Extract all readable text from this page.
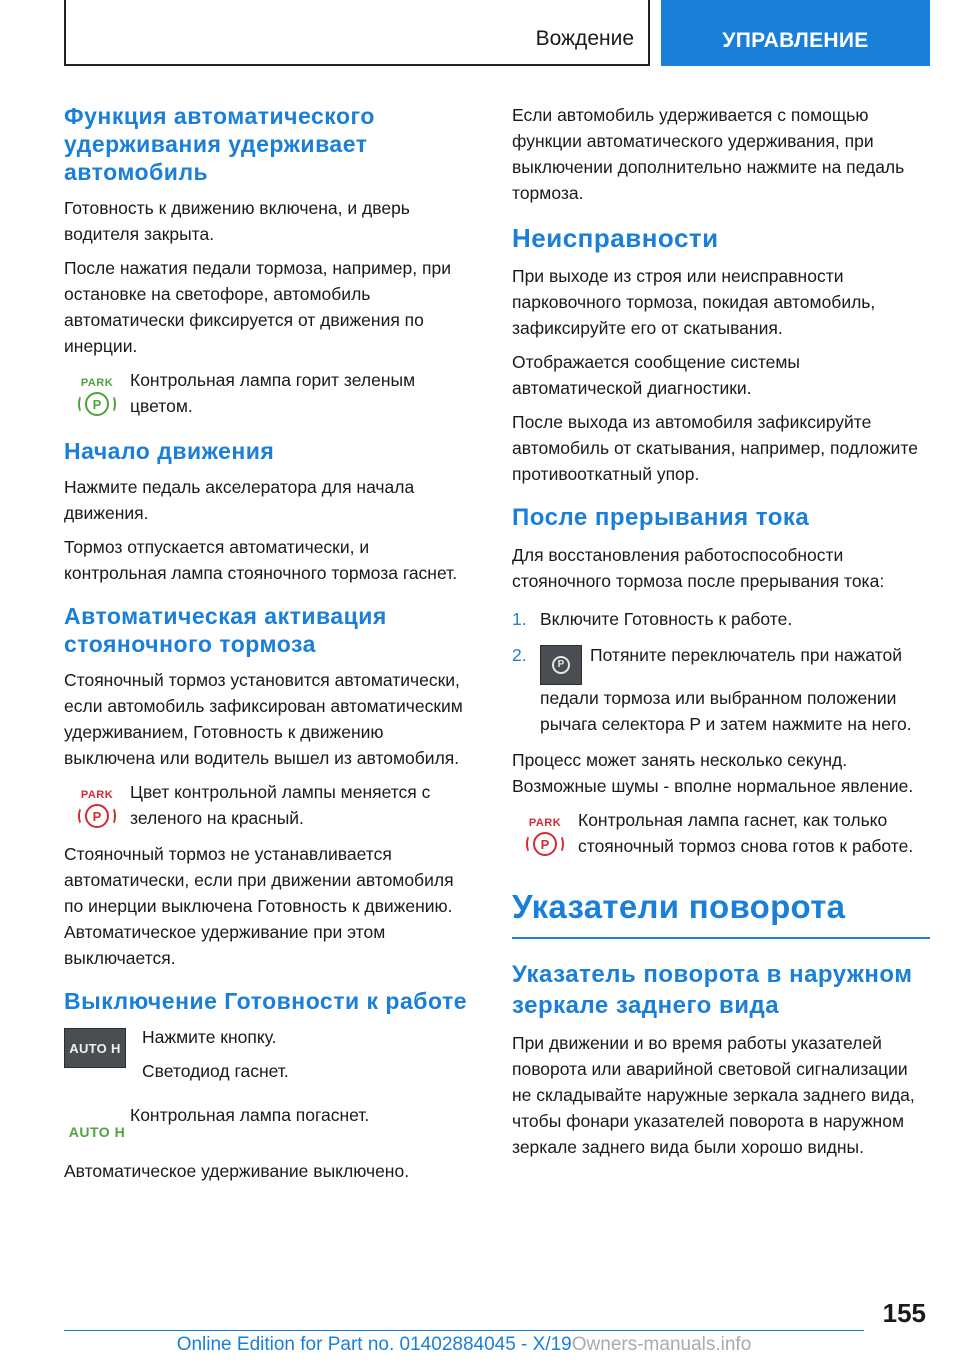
Вождение	УПРАВЛЕНИЕ
Функция автоматического удерживания удерживает автомобиль

Готовность к движению включена, и дверь водителя закрыта.

После нажатия педали тормоза, например, при остановке на светофоре, автомобиль автоматически фиксируется от движения по инерции.

PARK
P
Контрольная лампа горит зеленым цветом.
Начало движения

Нажмите педаль акселератора для начала движения.

Тормоз отпускается автоматически, и контрольная лампа стояночного тормоза гаснет.

Автоматическая активация стояночного тормоза

Стояночный тормоз установится автоматически, если автомобиль зафиксирован автоматическим удерживанием, Готовность к движению выключена или водитель вышел из автомобиля.

PARK
P
Цвет контрольной лампы меняется с зеленого на красный.

Стояночный тормоз не устанавливается автоматически, если при движении автомобиля по инерции выключена Готовность к движению. Автоматическое удерживание при этом выключается.

Выключение Готовности к работе
AUTO H

Нажмите кнопку.

Светодиод гаснет.

AUTO H
Контрольная лампа погаснет.

Автоматическое удерживание выключено.

Если автомобиль удерживается с помощью функции автоматического удерживания, при выключении дополнительно нажмите на педаль тормоза.

Неисправности

При выходе из строя или неисправности парковочного тормоза, покидая автомобиль, зафиксируйте его от скатывания.

Отображается сообщение системы автоматической диагностики.

После выхода из автомобиля зафиксируйте автомобиль от скатывания, например, подложите противооткатный упор.

После прерывания тока

Для восстановления работоспособности стояночного тормоза после прерывания тока:

1. Включите Готовность к работе.
2.	P	Потяните переключатель при нажатой педали тормоза или выбранном положении рычага селектора P и затем нажмите на него.

Процесс может занять несколько секунд. Возможные шумы - вполне нормальное явление.

PARK
P
Контрольная лампа гаснет, как только стояночный тормоз снова готов к работе.
Указатели поворота
Указатель поворота в наружном зеркале заднего вида

При движении и во время работы указателей поворота или аварийной световой сигнализации не складывайте наружные зеркала заднего вида, чтобы фонари указателей поворота в наружном зеркале заднего вида были хорошо видны.

155
Online Edition for Part no. 01402884045 - X/19Owners-manuals.info
